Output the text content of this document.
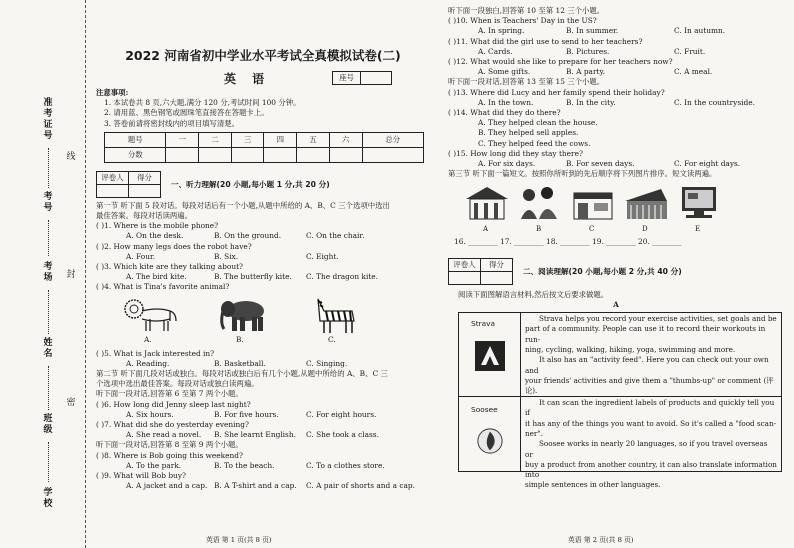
准考证号
考号
考场
姓名
班级
学校
线
封
密
2022 河南省初中学业水平考试全真模拟试卷(二)
英 语	座号
注意事项:
1. 本试卷共 8 页,六大题,满分 120 分,考试时间 100 分钟。
2. 请用蓝、黑色钢笔或圆珠笔直接答在答题卡上。
3. 答卷前请将密封线内的项目填写清楚。
题号	一	二	三	四	五	六	总分
分数							
评卷人	得分

一、听力理解(20 小题,每小题 1 分,共 20 分)
第一节 听下面 5 段对话。每段对话后有一个小题,从题中所给的 A、B、C 三个选项中选出
最佳答案。每段对话读两遍。
( )1. Where is the mobile phone?
A. On the desk.	B. On the ground.	C. On the chair.
( )2. How many legs does the robot have?
A. Four.	B. Six.	C. Eight.
( )3. Which kite are they talking about?
A. The bird kite.	B. The butterfly kite.	C. The dragon kite.
( )4. What is Tina's favorite animal?
A.	B.	C.
( )5. What is Jack interested in?
A. Reading.	B. Basketball.	C. Singing.
第二节 听下面几段对话或独白。每段对话或独白后有几个小题,从题中所给的 A、B、C 三
个选项中选出最佳答案。每段对话或独白读两遍。
听下面一段对话,回答第 6 至第 7 两个小题。
( )6. How long did Jenny sleep last night?
A. Six hours.	B. For five hours.	C. For eight hours.
( )7. What did she do yesterday evening?
A. She read a novel.	B. She learnt English.	C. She took a class.
听下面一段对话,回答第 8 至第 9 两个小题。
( )8. Where is Bob going this weekend?
A. To the park.	B. To the beach.	C. To a clothes store.
( )9. What will Bob buy?
A. A jacket and a cap. B. A T-shirt and a cap.	C. A pair of shorts and a cap.
英语 第 1 页(共 8 页)
听下面一段独白,回答第 10 至第 12 三个小题。
( )10. When is Teachers' Day in the US?
A. In spring.	B. In summer.	C. In autumn.
( )11. What did the girl use to send to her teachers?
A. Cards.	B. Pictures.	C. Fruit.
( )12. What would she like to prepare for her teachers now?
A. Some gifts.	B. A party.	C. A meal.
听下面一段对话,回答第 13 至第 15 三个小题。
( )13. Where did Lucy and her family spend their holiday?
A. In the town.	B. In the city.	C. In the countryside.
( )14. What did they do there?
A. They helped clean the house.
B. They helped sell apples.
C. They helped feed the cows.
( )15. How long did they stay there?
A. For six days.	B. For seven days.	C. For eight days.
第三节 听下面一篇短文。按照你所听到的先后顺序将下列图片排序。短文读两遍。
A	B	C	D	E
16. ________ 17. ________ 18. ________ 19. ________ 20. ________
评卷人	得分

二、阅读理解(20 小题,每小题 2 分,共 40 分)
阅读下面图解语言材料,然后按文后要求做题。
A
Strava

Strava helps you record your exercise activities, set goals and be

part of a community. People can use it to record their workouts in run-

ning, cycling, walking, hiking, yoga, swimming and more.

It also has an "activity feed". Here you can check out your own and

your friends' activities and give them a "thumbs-up" or comment (评

论).

Soosee

It can scan the ingredient labels of products and quickly tell you if

it has any of the things you want to avoid. So it's called a "food scan-

ner".

Soosee works in nearly 20 languages, so if you travel overseas or

buy a product from another country, it can also translate information into

simple sentences in other languages.

英语 第 2 页(共 8 页)
